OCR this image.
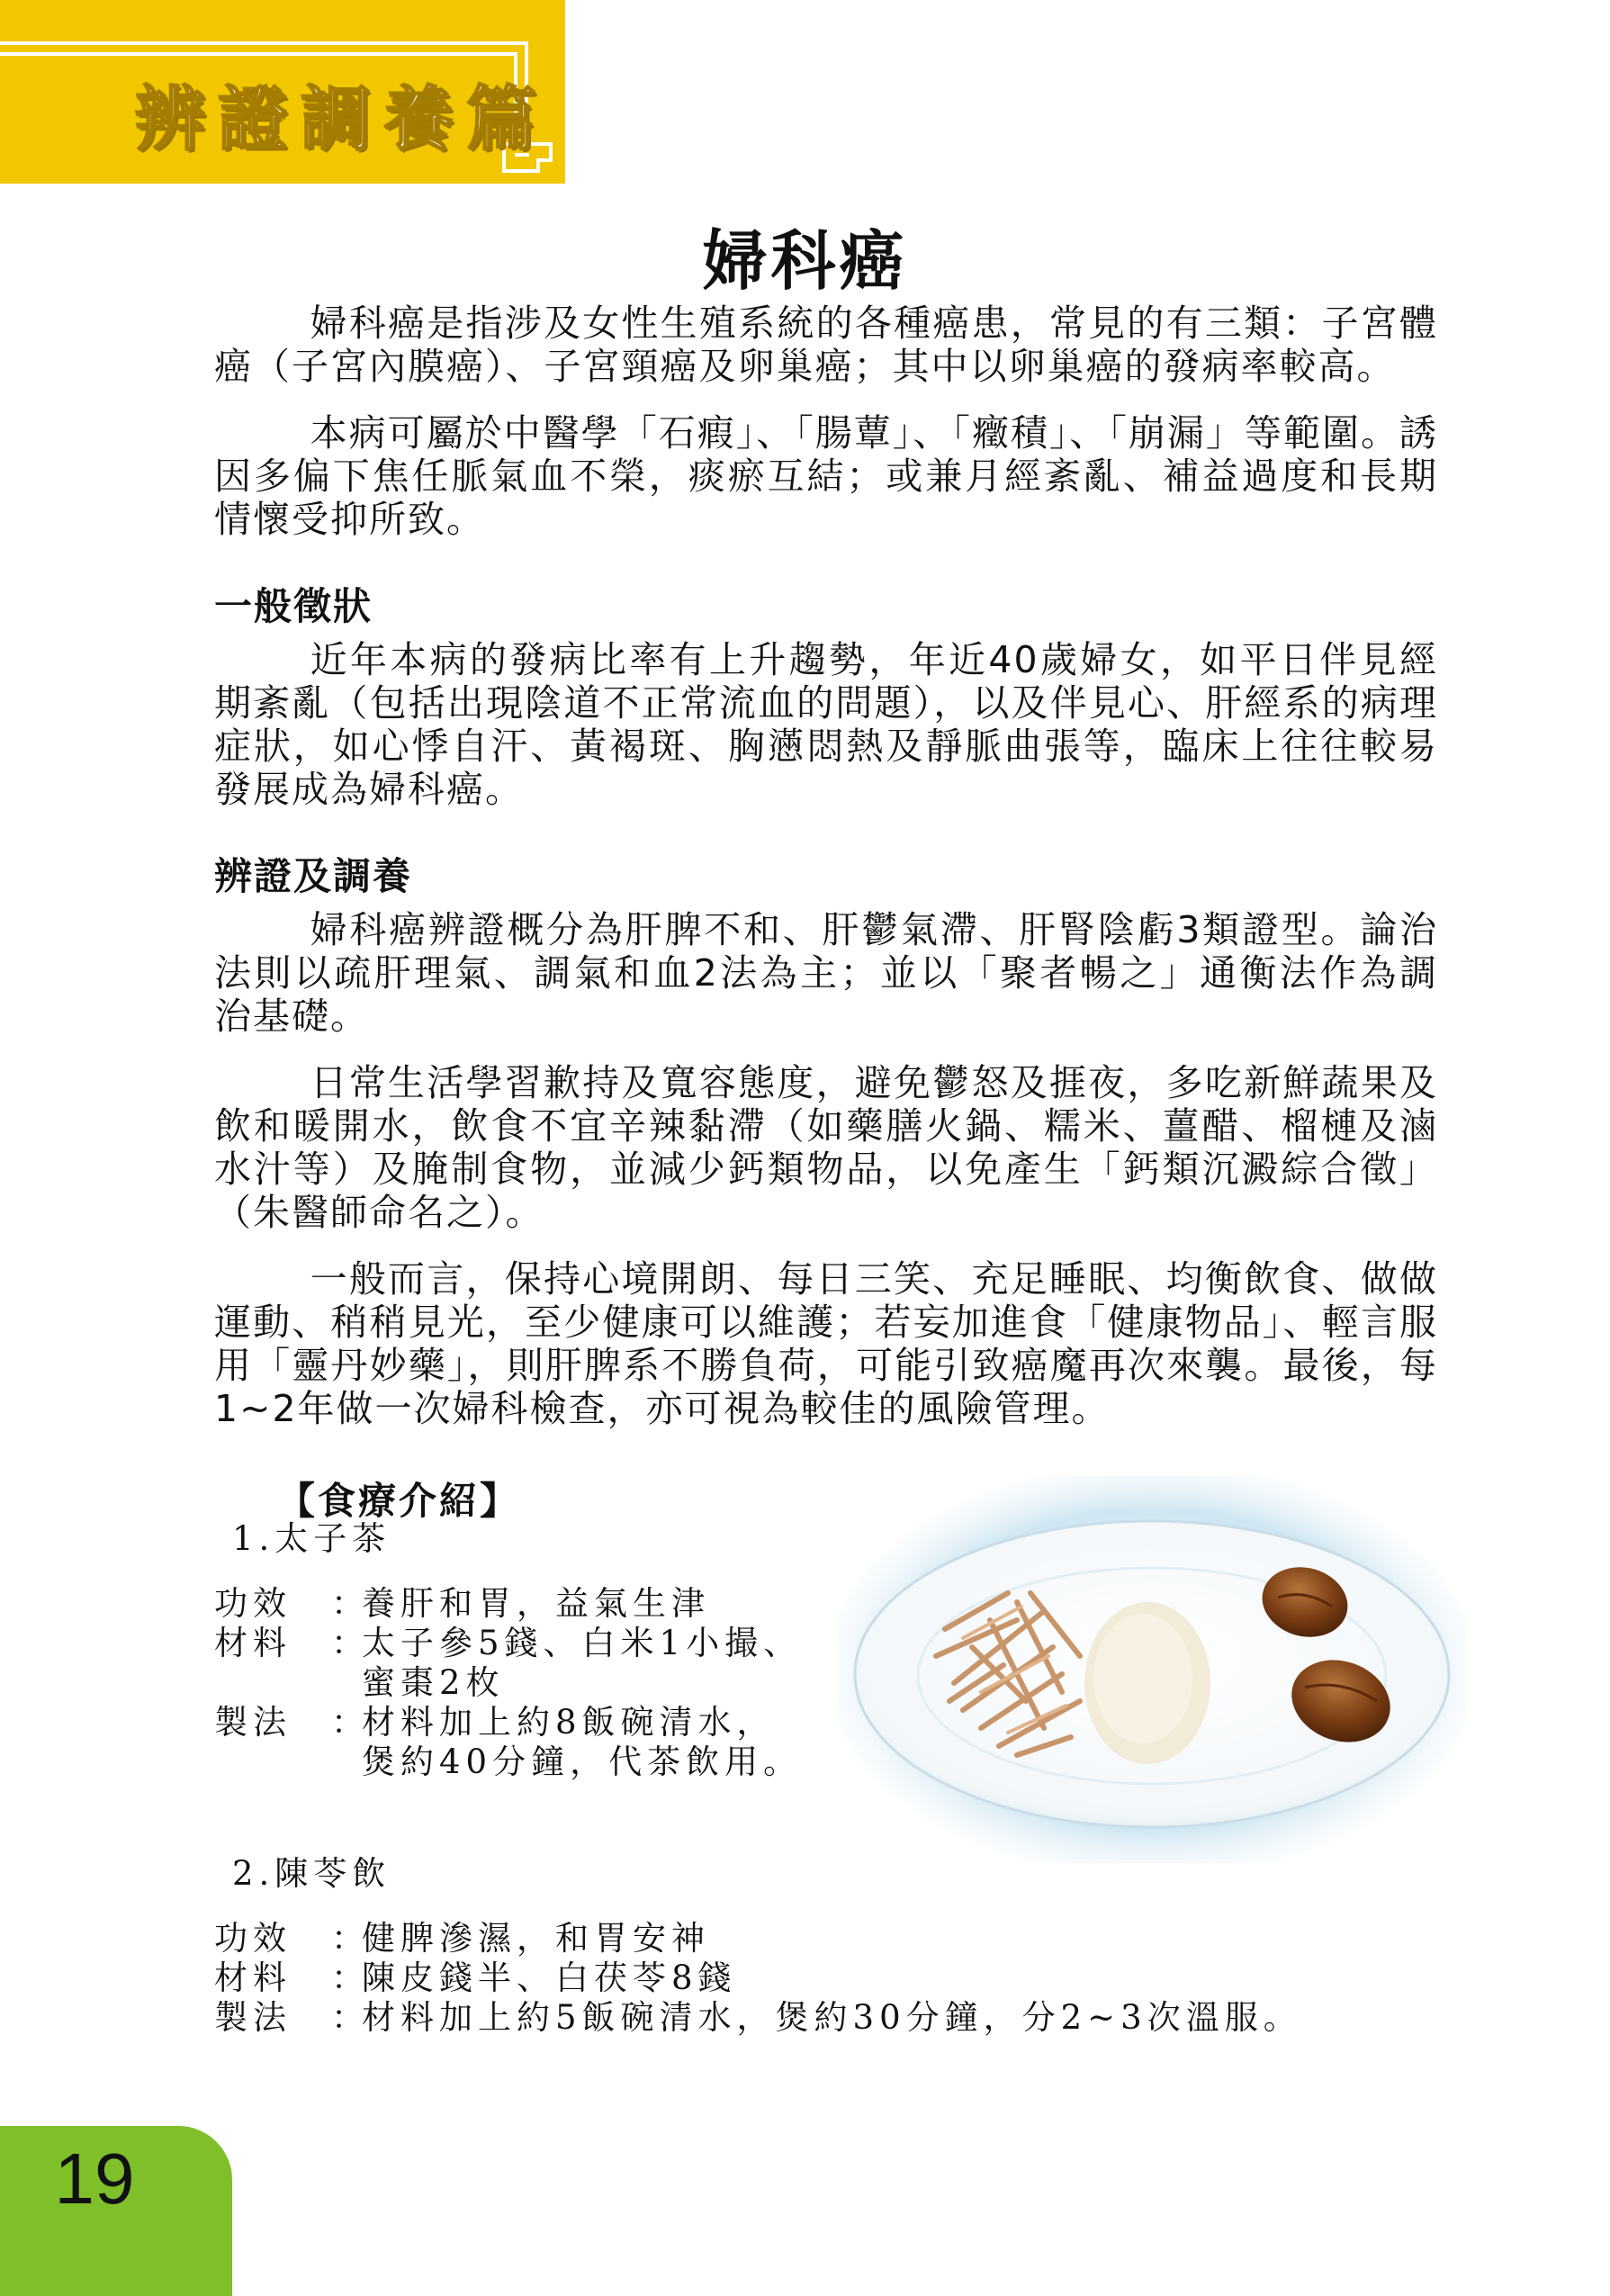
辨證調養篇
婦科癌

婦科癌是指涉及女性生殖系統的各種癌患，常見的有三類：子宮體癌（子宮內膜癌）、子宮頸癌及卵巢癌；其中以卵巢癌的發病率較高。

本病可屬於中醫學「石瘕」、「腸蕈」、「癥積」、「崩漏」等範圍。誘因多偏下焦任脈氣血不榮，痰瘀互結；或兼月經紊亂、補益過度和長期情懷受抑所致。

一般徵狀

近年本病的發病比率有上升趨勢，年近40歲婦女，如平日伴見經期紊亂（包括出現陰道不正常流血的問題），以及伴見心、肝經系的病理症狀，如心悸自汗、黃褐斑、胸懣悶熱及靜脈曲張等，臨床上往往較易發展成為婦科癌。

辨證及調養

婦科癌辨證概分為肝脾不和、肝鬱氣滯、肝腎陰虧3類證型。論治法則以疏肝理氣、調氣和血2法為主；並以「聚者暢之」通衡法作為調治基礎。

日常生活學習歉持及寬容態度，避免鬱怒及捱夜，多吃新鮮蔬果及飲和暖開水，飲食不宜辛辣黏滯（如藥膳火鍋、糯米、薑醋、榴槤及滷水汁等）及腌制食物，並減少鈣類物品，以免產生「鈣類沉澱綜合徵」（朱醫師命名之）。

一般而言，保持心境開朗、每日三笑、充足睡眠、均衡飲食、做做運動、稍稍見光，至少健康可以維護；若妄加進食「健康物品」、輕言服用「靈丹妙藥」，則肝脾系不勝負荷，可能引致癌魔再次來襲。最後，每1~2年做一次婦科檢查，亦可視為較佳的風險管理。

【食療介紹】
1.太子茶
功效	：
養肝和胃，益氣生津
材料	：
太子參5錢、白米1小撮、
蜜棗2枚
製法	：
材料加上約8飯碗清水，
煲約40分鐘，代茶飲用。
2.陳苓飲
功效	：
健脾滲濕，和胃安神
材料	：
陳皮錢半、白茯苓8錢
製法	：
材料加上約5飯碗清水，煲約30分鐘，分2~3次溫服。
19
